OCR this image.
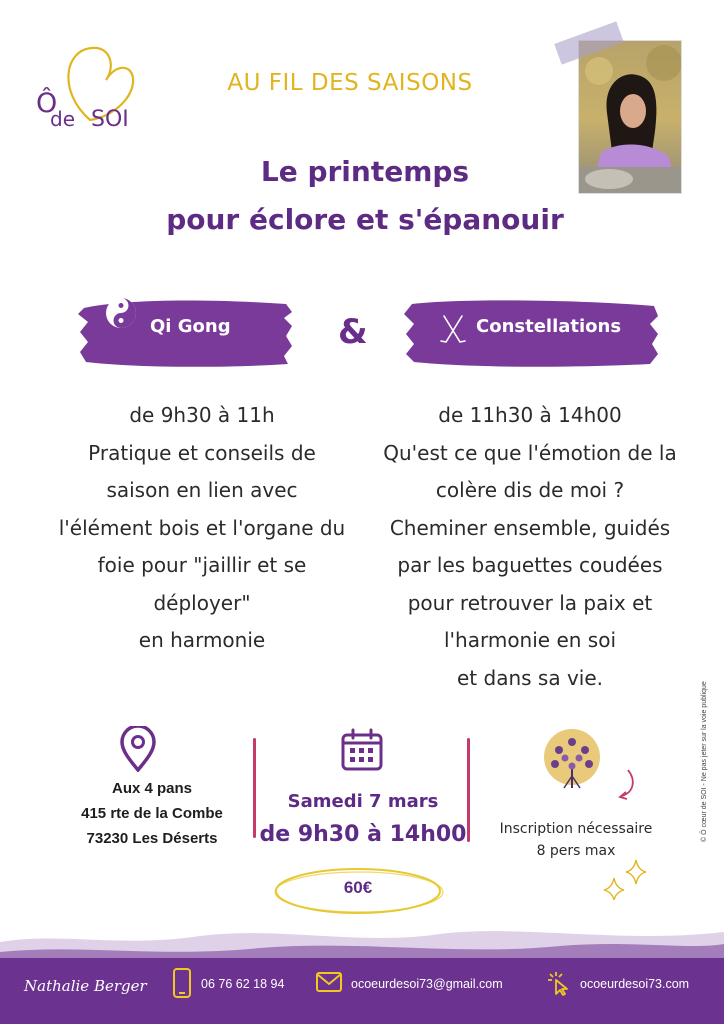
Ô
de SOI
AU FIL DES SAISONS
Le printemps
pour éclore et s'épanouir
Qi Gong	&	Constellations
de 9h30 à 11h
Pratique et conseils de
saison en lien avec
l'élément bois et l'organe du
foie pour "jaillir et se
déployer"
en harmonie
de 11h30 à 14h00
Qu'est ce que l'émotion de la
colère dis de moi ?
Cheminer ensemble, guidés
par les baguettes coudées
pour retrouver la paix et
l'harmonie en soi
et dans sa vie.
Aux 4 pans
415 rte de la Combe
73230 Les Déserts
Samedi 7 mars
de 9h30 à 14h00
60€
Inscription nécessaire
8 pers max
© Ô cœur de SOI - Ne pas jeter sur la voie publique
Nathalie Berger	06 76 62 18 94	ocoeurdesoi73@gmail.com	ocoeurdesoi73.com
